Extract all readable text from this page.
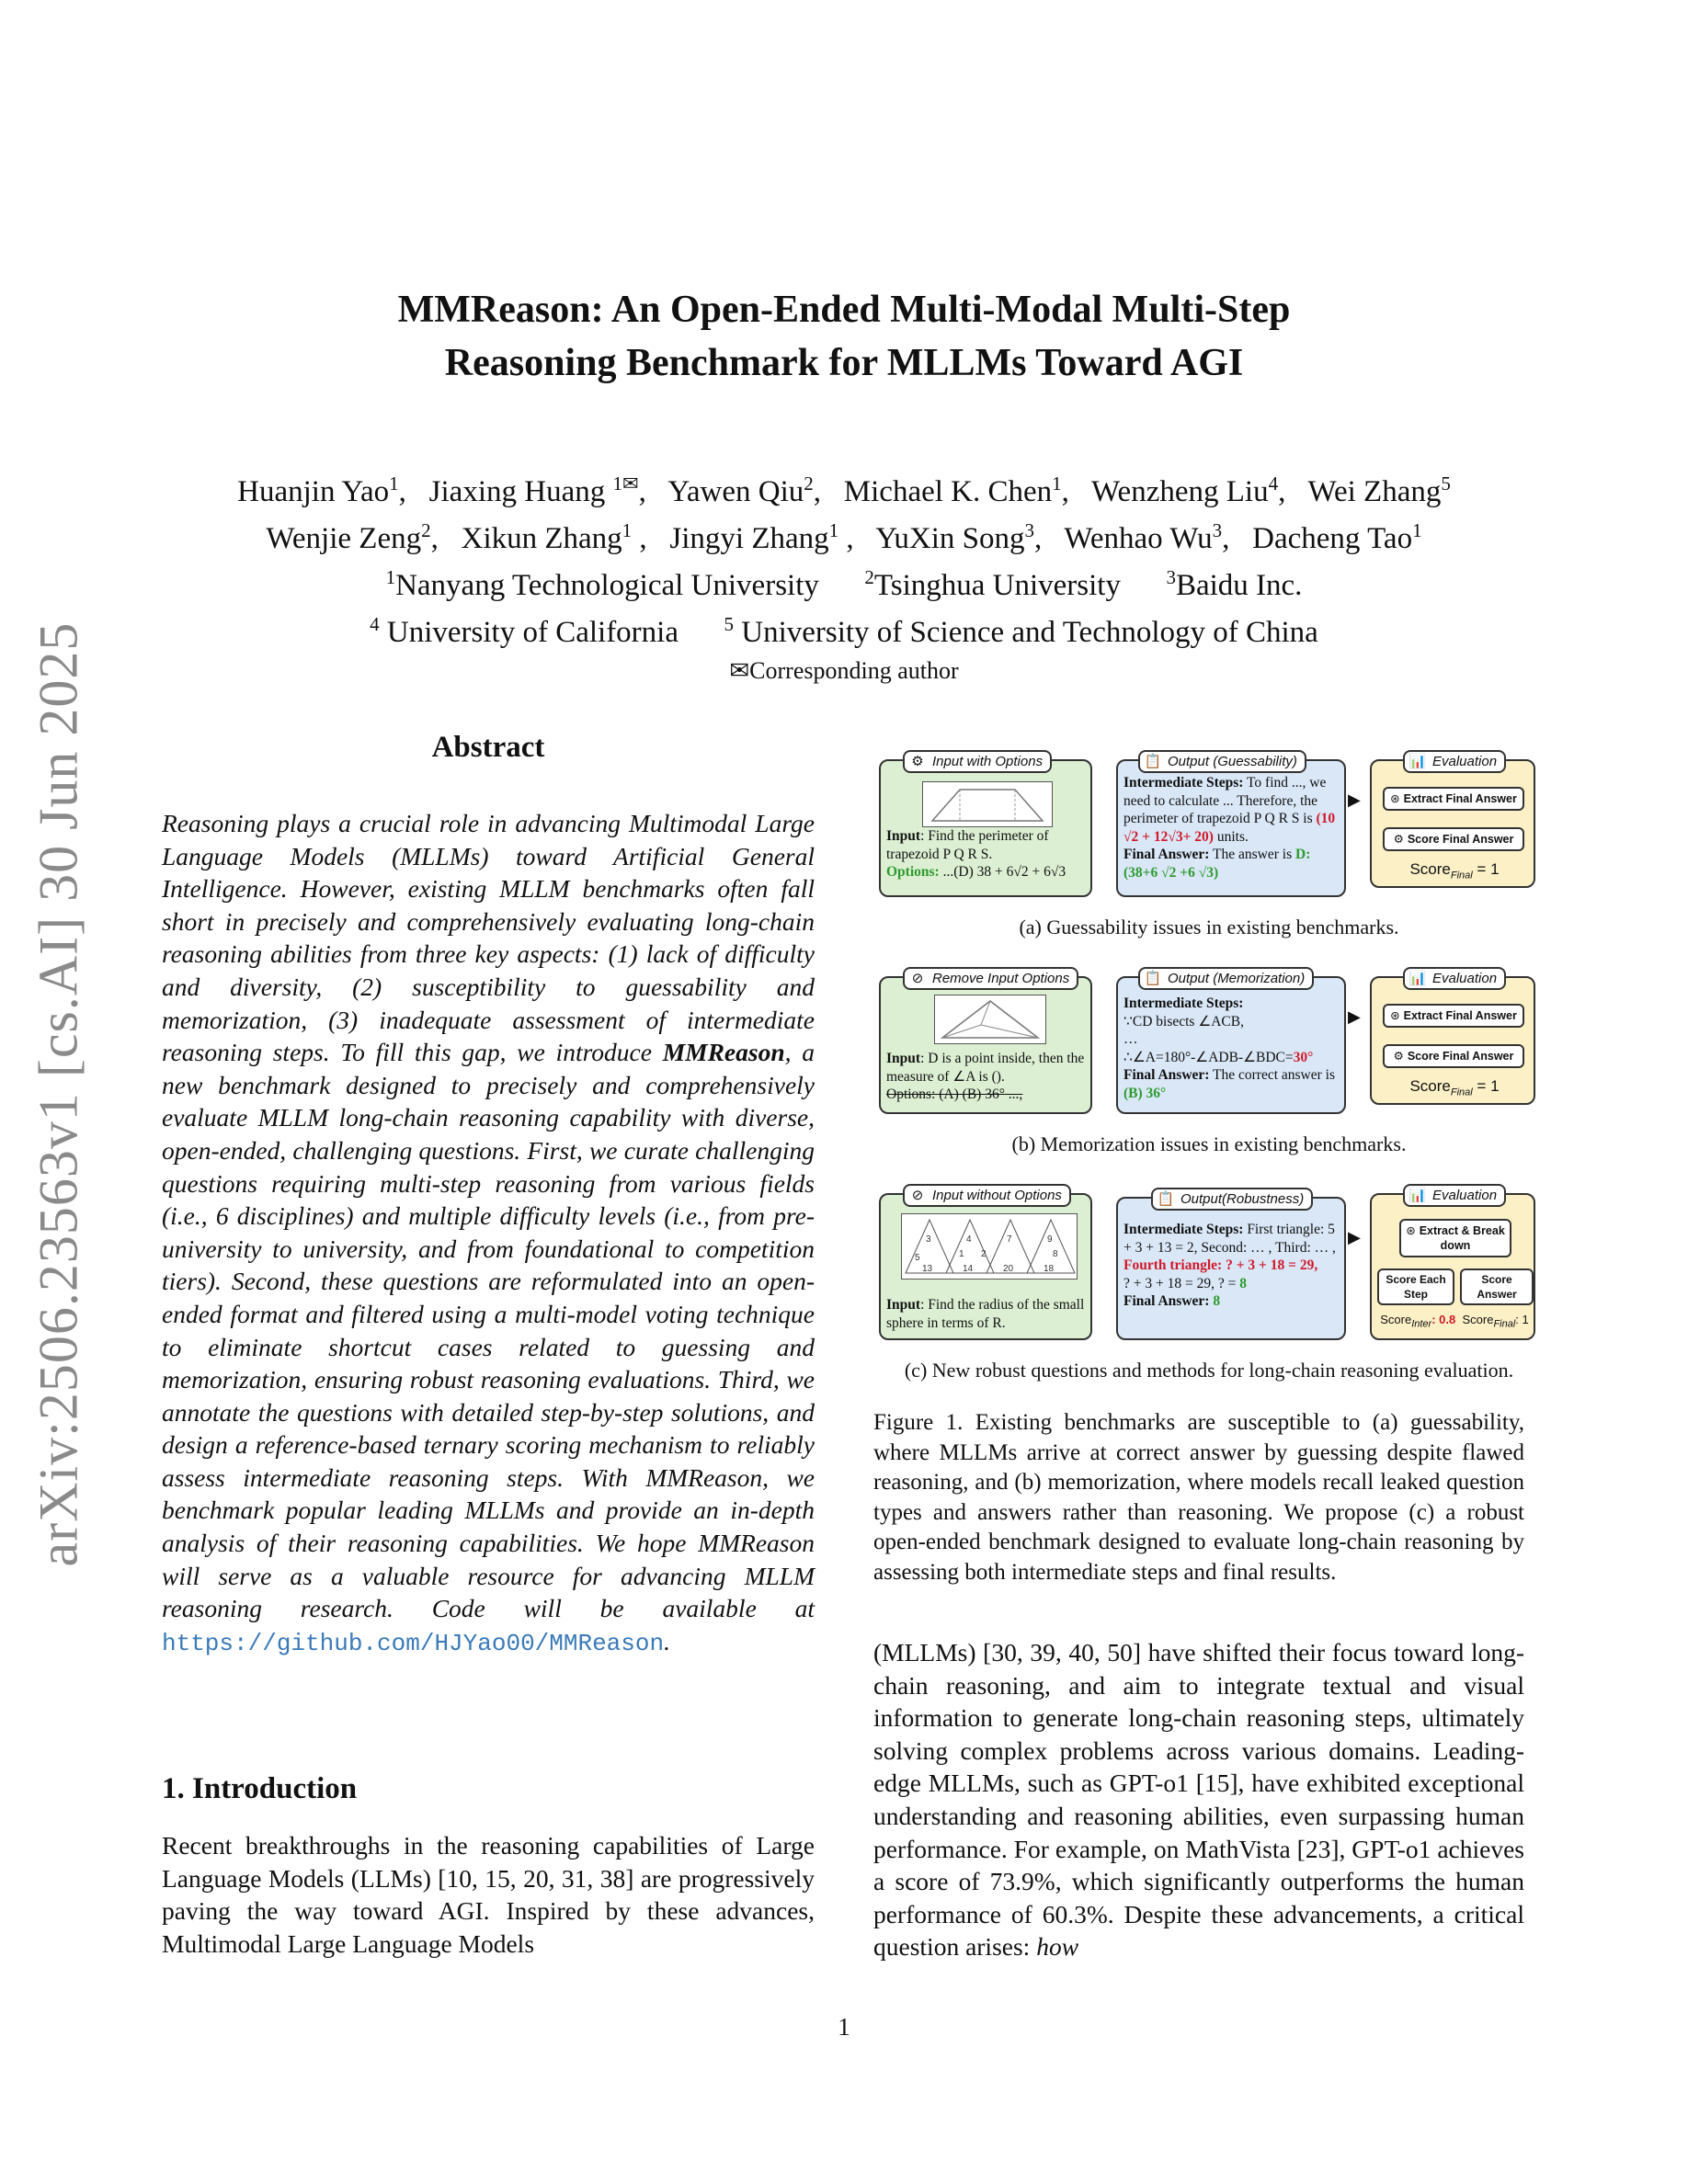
arXiv:2506.23563v1 [cs.AI] 30 Jun 2025
MMReason: An Open-Ended Multi-Modal Multi-Step
Reasoning Benchmark for MLLMs Toward AGI
Huanjin Yao$^1$,   Jiaxing Huang $^{1✉}$,   Yawen Qiu$^2$,   Michael K. Chen$^1$,   Wenzheng Liu$^4$,   Wei Zhang$^5$
Wenjie Zeng$^2$,   Xikun Zhang$^1$ ,   Jingyi Zhang$^1$ ,   YuXin Song$^3$,   Wenhao Wu$^3$,   Dacheng Tao$^1$
$^1$Nanyang Technological University $^2$Tsinghua University $^3$Baidu Inc.
$^4$ University of California $^5$ University of Science and Technology of China
✉Corresponding author
Abstract
Reasoning plays a crucial role in advancing Multimodal Large Language Models (MLLMs) toward Artificial General Intelligence. However, existing MLLM benchmarks often fall short in precisely and comprehensively evaluating long-chain reasoning abilities from three key aspects: (1) lack of difficulty and diversity, (2) susceptibility to guessability and memorization, (3) inadequate assessment of intermediate reasoning steps. To fill this gap, we introduce MMReason, a new benchmark designed to precisely and comprehensively evaluate MLLM long-chain reasoning capability with diverse, open-ended, challenging questions. First, we curate challenging questions requiring multi-step reasoning from various fields (i.e., 6 disciplines) and multiple difficulty levels (i.e., from pre-university to university, and from foundational to competition tiers). Second, these questions are reformulated into an open-ended format and filtered using a multi-model voting technique to eliminate shortcut cases related to guessing and memorization, ensuring robust reasoning evaluations. Third, we annotate the questions with detailed step-by-step solutions, and design a reference-based ternary scoring mechanism to reliably assess intermediate reasoning steps. With MMReason, we benchmark popular leading MLLMs and provide an in-depth analysis of their reasoning capabilities. We hope MMReason will serve as a valuable resource for advancing MLLM reasoning research. Code will be available at https://github.com/HJYao00/MMReason.
1. Introduction
Recent breakthroughs in the reasoning capabilities of Large Language Models (LLMs) [10, 15, 20, 31, 38] are progressively paving the way toward AGI. Inspired by these advances, Multimodal Large Language Models
Input: Find the perimeter of trapezoid P Q R S.
Options: ...(D) 38 + 6√2 + 6√3
⚙ Input with Options
Intermediate Steps: To find ..., we need to calculate ... Therefore, the perimeter of trapezoid P Q R S is (10 √2 + 12√3+ 20) units.
Final Answer: The answer is D: (38+6 √2 +6 √3)
📋 Output (Guessability)
▶	⊛ Extract Final Answer
⚙ Score Final Answer
Score$_{Final}$ = 1
📊 Evaluation
(a) Guessability issues in existing benchmarks.
Input: D is a point inside, then the measure of ∠A is ().
Options: (A) (B) 36° ...,
⊘ Remove Input Options
Intermediate Steps:
∵CD bisects ∠ACB,
…
∴∠A=180°-∠ADB-∠BDC=30°
Final Answer: The correct answer is (B) 36°
📋 Output (Memorization)
▶	⊛ Extract Final Answer
⚙ Score Final Answer
Score$_{Final}$ = 1
📊 Evaluation
(b) Memorization issues in existing benchmarks.
3	4	7	9
5	2	8
13	14	20	18
1
Input: Find the radius of the small sphere in terms of R.
⊘ Input without Options
Intermediate Steps: First triangle: 5 + 3 + 13 = 2, Second: … , Third: … ,
Fourth triangle: ? + 3 + 18 = 29,
? + 3 + 18 = 29, ? = 8
Final Answer: 8
📋 Output(Robustness)
▶	⊛ Extract & Break down
Score Each Step
Score Answer
Score$_{Inter}$: 0.8 Score$_{Final}$: 1
📊 Evaluation
(c) New robust questions and methods for long-chain reasoning evaluation.
Figure 1. Existing benchmarks are susceptible to (a) guessability, where MLLMs arrive at correct answer by guessing despite flawed reasoning, and (b) memorization, where models recall leaked question types and answers rather than reasoning. We propose (c) a robust open-ended benchmark designed to evaluate long-chain reasoning by assessing both intermediate steps and final results.
(MLLMs) [30, 39, 40, 50] have shifted their focus toward long-chain reasoning, and aim to integrate textual and visual information to generate long-chain reasoning steps, ultimately solving complex problems across various domains. Leading-edge MLLMs, such as GPT-o1 [15], have exhibited exceptional understanding and reasoning abilities, even surpassing human performance. For example, on MathVista [23], GPT-o1 achieves a score of 73.9%, which significantly outperforms the human performance of 60.3%. Despite these advancements, a critical question arises: how
1
